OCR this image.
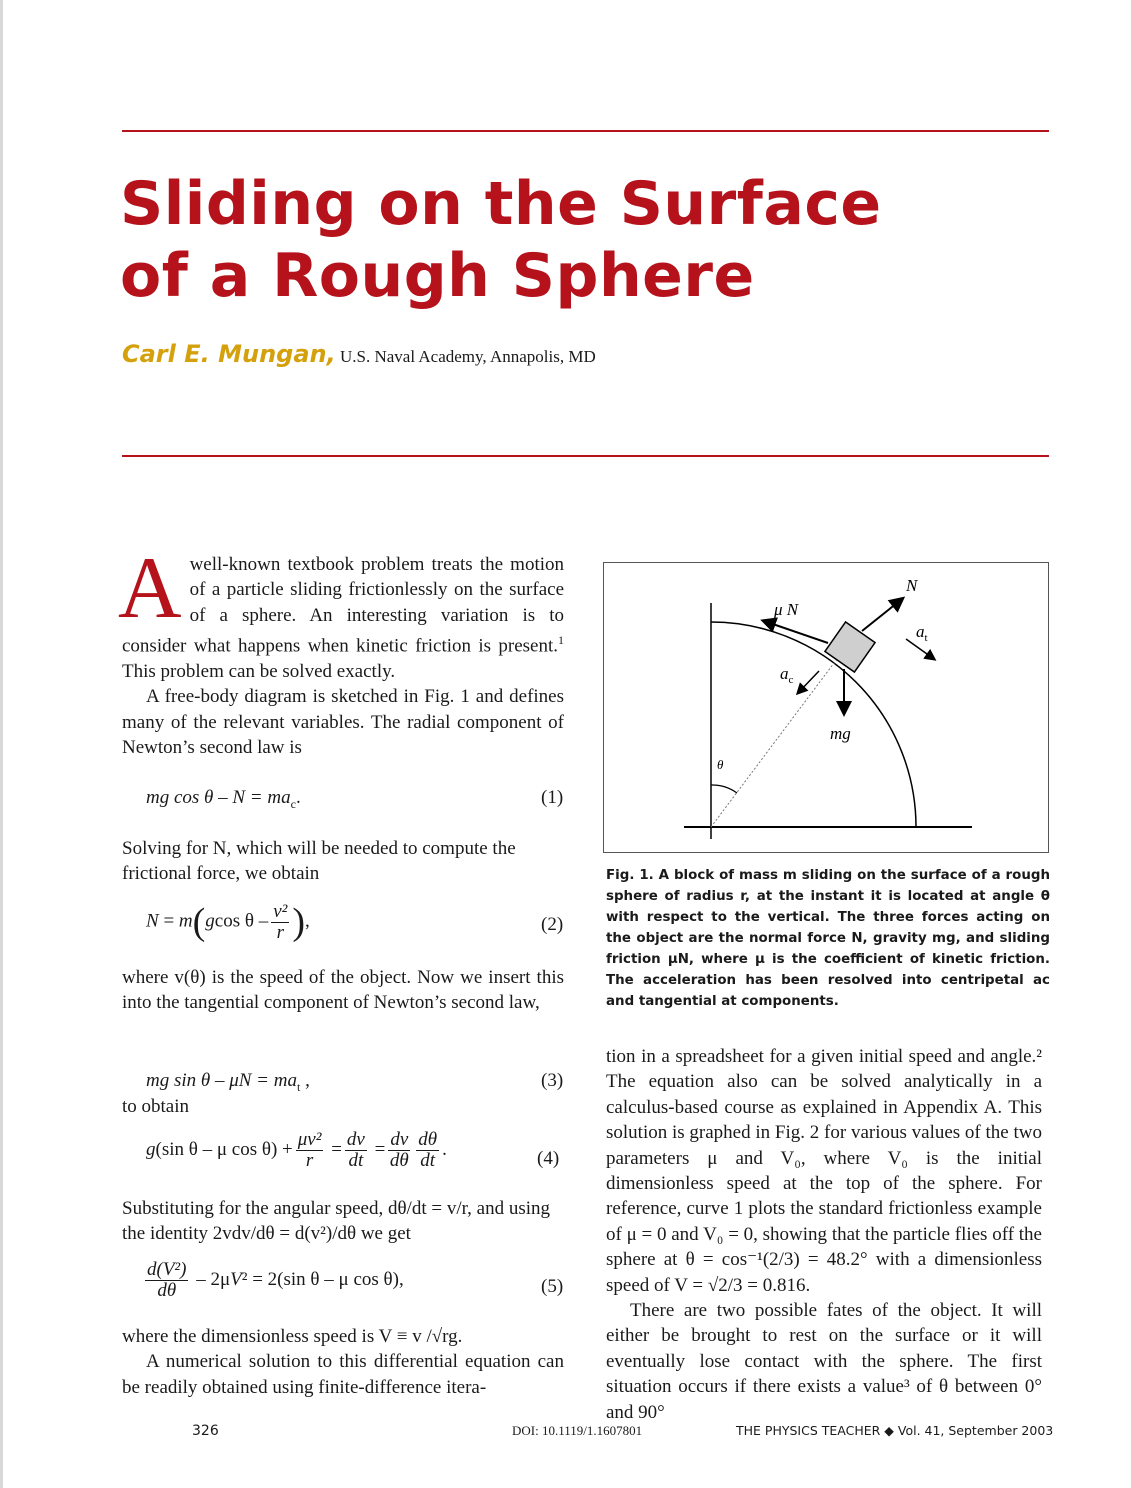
Sliding on the Surface
of a Rough Sphere
Carl E. Mungan, U.S. Naval Academy, Annapolis, MD

Awell-known textbook problem treats the motion of a particle sliding frictionlessly on the surface of a sphere. An interesting variation is to consider what happens when kinetic friction is present.$^1$ This problem can be solved exactly.

A free-body diagram is sketched in Fig. 1 and defines many of the relevant variables. The radial component of Newton’s second law is

mg $\cos \theta - N = ma_c$.	(1)
Solving for N, which will be needed to compute the frictional force, we obtain
N = m(gcos θ – $\frac{\text{v²}}{r}$ ),	(2)
where v(θ) is the speed of the object. Now we insert this into the tangential component of Newton’s second law,
mg $\sin \theta - \mu N = ma_t$ ,	(3)
to obtain
g(sin θ – μ $\cos \theta) + \frac{\text{μv²}}{r} = \frac{dv}{dt} = \frac{dv}{d\theta} \frac{d\theta}{dt}$ .	(4)
Substituting for the angular speed, dθ/dt = v/r, and using the identity 2vdv/dθ = d(v²)/dθ we get
$\frac{\text{d(V²)}}{d\theta} - 2\mu V^2 = 2(\sin$ θ – μ cos θ),	(5)

where the dimensionless speed is V ≡ v /√rg.

A numerical solution to this differential equation can be readily obtained using finite-difference itera-

θ
N
μ N
mg
$a_c$
$a_t$
Fig. 1. A block of mass m sliding on the surface of a rough sphere of radius r, at the instant it is located at angle θ with respect to the vertical. The three forces acting on the object are the normal force N, gravity mg, and sliding friction μN, where μ is the coefficient of kinetic friction. The acceleration has been resolved into centripetal ac and tangential at components.

tion in a spreadsheet for a given initial speed and angle.² The equation also can be solved analytically in a calculus-based course as explained in Appendix A. This solution is graphed in Fig. 2 for various values of the two parameters μ and V₀, where V₀ is the initial dimensionless speed at the top of the sphere. For reference, curve 1 plots the standard frictionless example of μ = 0 and V₀ = 0, showing that the particle flies off the sphere at θ = cos⁻¹(2/3) = 48.2° with a dimensionless speed of V = √2/3 = 0.816.

There are two possible fates of the object. It will either be brought to rest on the surface or it will eventually lose contact with the sphere. The first situation occurs if there exists a value³ of θ between 0° and 90°

326	DOI: 10.1119/1.1607801	THE PHYSICS TEACHER ◆ Vol. 41, September 2003
